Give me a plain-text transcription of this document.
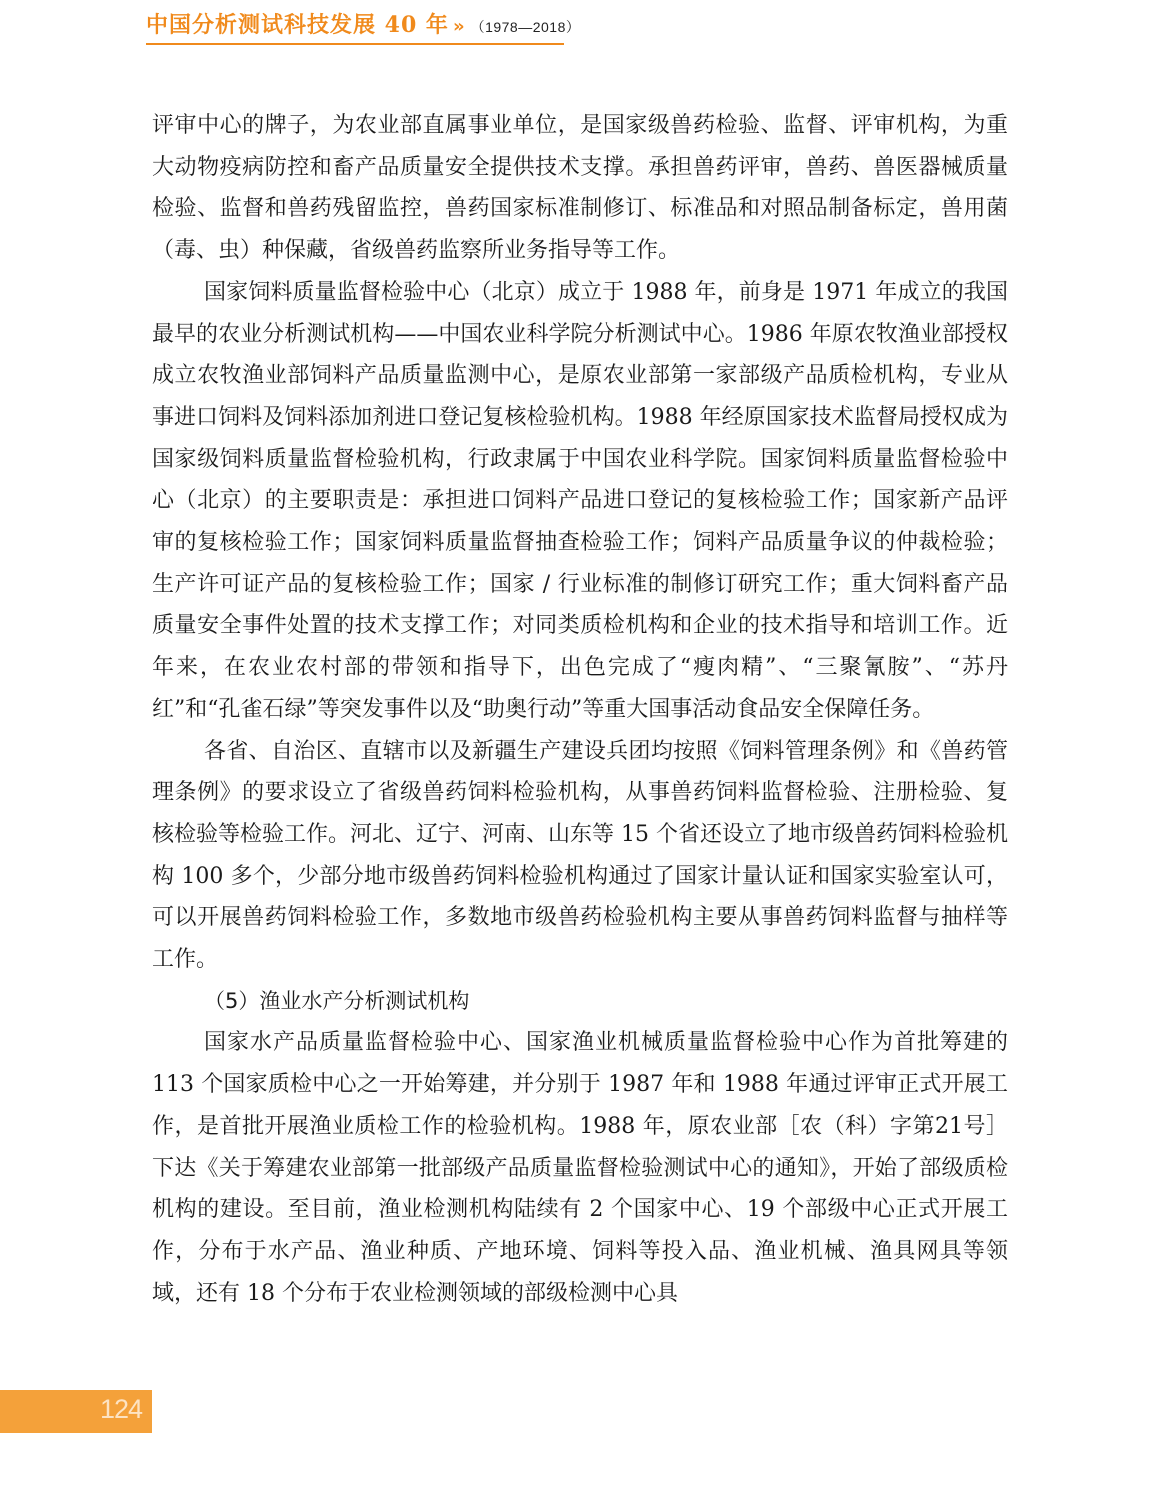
中国分析测试科技发展 40 年 » （1978—2018）

评审中心的牌子，为农业部直属事业单位，是国家级兽药检验、监督、评审机构，为重大动物疫病防控和畜产品质量安全提供技术支撑。承担兽药评审，兽药、兽医器械质量检验、监督和兽药残留监控，兽药国家标准制修订、标准品和对照品制备标定，兽用菌（毒、虫）种保藏，省级兽药监察所业务指导等工作。

国家饲料质量监督检验中心（北京）成立于 1988 年，前身是 1971 年成立的我国最早的农业分析测试机构——中国农业科学院分析测试中心。1986 年原农牧渔业部授权成立农牧渔业部饲料产品质量监测中心，是原农业部第一家部级产品质检机构，专业从事进口饲料及饲料添加剂进口登记复核检验机构。1988 年经原国家技术监督局授权成为国家级饲料质量监督检验机构，行政隶属于中国农业科学院。国家饲料质量监督检验中心（北京）的主要职责是：承担进口饲料产品进口登记的复核检验工作；国家新产品评审的复核检验工作；国家饲料质量监督抽查检验工作；饲料产品质量争议的仲裁检验；生产许可证产品的复核检验工作；国家 / 行业标准的制修订研究工作；重大饲料畜产品质量安全事件处置的技术支撑工作；对同类质检机构和企业的技术指导和培训工作。近年来，在农业农村部的带领和指导下，出色完成了“瘦肉精”、“三聚氰胺”、“苏丹红”和“孔雀石绿”等突发事件以及“助奥行动”等重大国事活动食品安全保障任务。

各省、自治区、直辖市以及新疆生产建设兵团均按照《饲料管理条例》和《兽药管理条例》的要求设立了省级兽药饲料检验机构，从事兽药饲料监督检验、注册检验、复核检验等检验工作。河北、辽宁、河南、山东等 15 个省还设立了地市级兽药饲料检验机构 100 多个，少部分地市级兽药饲料检验机构通过了国家计量认证和国家实验室认可，可以开展兽药饲料检验工作，多数地市级兽药检验机构主要从事兽药饲料监督与抽样等工作。

（5）渔业水产分析测试机构

国家水产品质量监督检验中心、国家渔业机械质量监督检验中心作为首批筹建的 113 个国家质检中心之一开始筹建，并分别于 1987 年和 1988 年通过评审正式开展工作，是首批开展渔业质检工作的检验机构。1988 年，原农业部［农（科）字第21号］下达《关于筹建农业部第一批部级产品质量监督检验测试中心的通知》，开始了部级质检机构的建设。至目前，渔业检测机构陆续有 2 个国家中心、19 个部级中心正式开展工作，分布于水产品、渔业种质、产地环境、饲料等投入品、渔业机械、渔具网具等领域，还有 18 个分布于农业检测领域的部级检测中心具

124
